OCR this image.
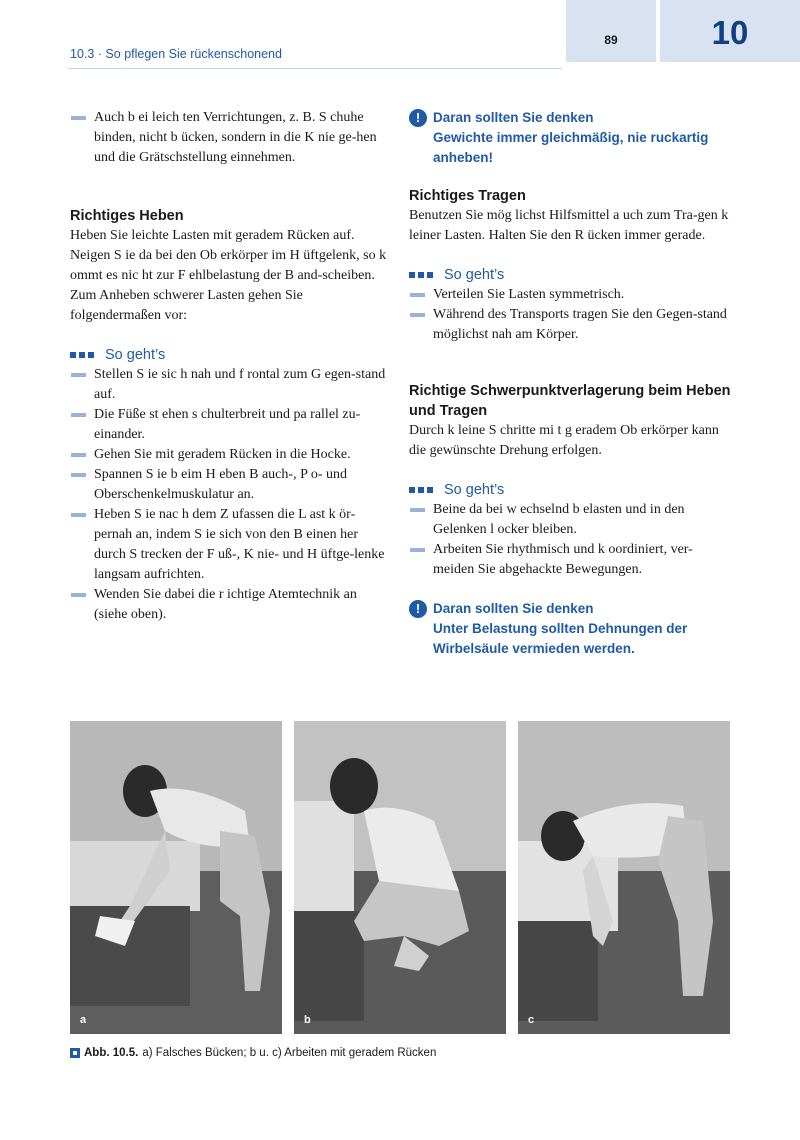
10.3 · So pflegen Sie rückenschonend
89	10
Auch b ei leich ten Verrichtungen, z. B. S chuhe binden, nicht b ücken, sondern in die K nie ge-hen und die Grätschstellung einnehmen.
Richtiges Heben

Heben Sie leichte Lasten mit geradem Rücken auf. Neigen S ie da bei den Ob erkörper im H üftgelenk, so k ommt es nic ht zur F ehlbelastung der B and-scheiben. Zum Anheben schwerer Lasten gehen Sie folgendermaßen vor:

So geht’s
Stellen S ie sic h nah und f rontal zum G egen-stand auf.
Die Füße st ehen s chulterbreit und pa rallel zu-einander.
Gehen Sie mit geradem Rücken in die Hocke.
Spannen S ie b eim H eben B auch-, P o- und Oberschenkelmuskulatur an.
Heben S ie nac h dem Z ufassen die L ast k ör-pernah an, indem S ie sich von den B einen her durch S trecken der F uß-, K nie- und H üftge-lenke langsam aufrichten.
Wenden Sie dabei die r ichtige Atemtechnik an (siehe oben).
! Daran sollten Sie denken
Gewichte immer gleichmäßig, nie ruckartig anheben!
Richtiges Tragen

Benutzen Sie mög lichst Hilfsmittel a uch zum Tra-gen k leiner Lasten. Halten Sie den R ücken immer gerade.

So geht’s
Verteilen Sie Lasten symmetrisch.
Während des Transports tragen Sie den Gegen-stand möglichst nah am Körper.
Richtige Schwerpunktverlagerung beim Heben und Tragen

Durch k leine S chritte mi t g eradem Ob erkörper kann die gewünschte Drehung erfolgen.

So geht’s
Beine da bei w echselnd b elasten und in den Gelenken l ocker bleiben.
Arbeiten Sie rhythmisch und k oordiniert, ver-meiden Sie abgehackte Bewegungen.
! Daran sollten Sie denken
Unter Belastung sollten Dehnungen der Wirbelsäule vermieden werden.
a	b	c
Abb. 10.5. a) Falsches Bücken; b u. c) Arbeiten mit geradem Rücken
